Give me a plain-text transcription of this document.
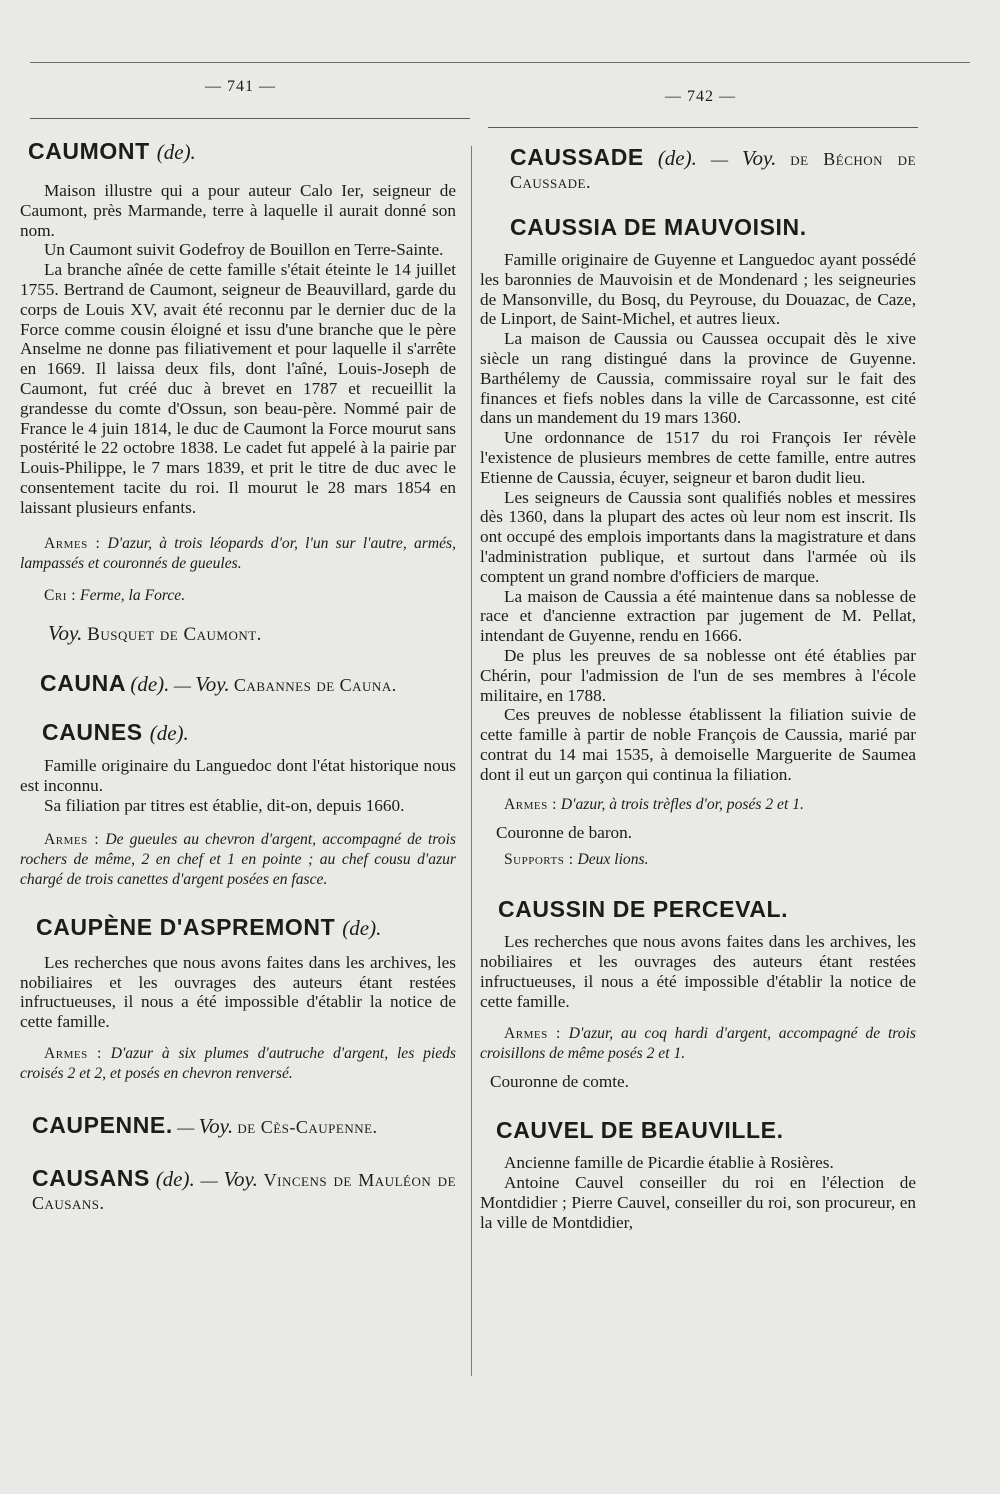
— 741 —
— 742 —
CAUMONT (de).

Maison illustre qui a pour auteur Calo Ier, seigneur de Caumont, près Marmande, terre à laquelle il aurait donné son nom.

Un Caumont suivit Godefroy de Bouillon en Terre-Sainte.

La branche aînée de cette famille s'était éteinte le 14 juillet 1755. Bertrand de Caumont, seigneur de Beauvillard, garde du corps de Louis XV, avait été reconnu par le dernier duc de la Force comme cousin éloigné et issu d'une branche que le père Anselme ne donne pas filiativement et pour laquelle il s'arrête en 1669. Il laissa deux fils, dont l'aîné, Louis-Joseph de Caumont, fut créé duc à brevet en 1787 et recueillit la grandesse du comte d'Ossun, son beau-père. Nommé pair de France le 4 juin 1814, le duc de Caumont la Force mourut sans postérité le 22 octobre 1838. Le cadet fut appelé à la pairie par Louis-Philippe, le 7 mars 1839, et prit le titre de duc avec le consentement tacite du roi. Il mourut le 28 mars 1854 en laissant plusieurs enfants.

Armes : D'azur, à trois léopards d'or, l'un sur l'autre, armés, lampassés et couronnés de gueules.

Cri : Ferme, la Force.

Voy. Busquet de Caumont.

CAUNA (de). — Voy. Cabannes de Cauna.

CAUNES (de).

Famille originaire du Languedoc dont l'état historique nous est inconnu.

Sa filiation par titres est établie, dit-on, depuis 1660.

Armes : De gueules au chevron d'argent, accompagné de trois rochers de même, 2 en chef et 1 en pointe ; au chef cousu d'azur chargé de trois canettes d'argent posées en fasce.

CAUPÈNE D'ASPREMONT (de).

Les recherches que nous avons faites dans les archives, les nobiliaires et les ouvrages des auteurs étant restées infructueuses, il nous a été impossible d'établir la notice de cette famille.

Armes : D'azur à six plumes d'autruche d'argent, les pieds croisés 2 et 2, et posés en chevron renversé.

CAUPENNE. — Voy. de Cès-Caupenne.

CAUSANS (de). — Voy. Vincens de Mauléon de Causans.

CAUSSADE (de). — Voy. de Béchon de Caussade.

CAUSSIA DE MAUVOISIN.

Famille originaire de Guyenne et Languedoc ayant possédé les baronnies de Mauvoisin et de Mondenard ; les seigneuries de Mansonville, du Bosq, du Peyrouse, du Douazac, de Caze, de Linport, de Saint-Michel, et autres lieux.

La maison de Caussia ou Caussea occupait dès le xive siècle un rang distingué dans la province de Guyenne. Barthélemy de Caussia, commissaire royal sur le fait des finances et fiefs nobles dans la ville de Carcassonne, est cité dans un mandement du 19 mars 1360.

Une ordonnance de 1517 du roi François Ier révèle l'existence de plusieurs membres de cette famille, entre autres Etienne de Caussia, écuyer, seigneur et baron dudit lieu.

Les seigneurs de Caussia sont qualifiés nobles et messires dès 1360, dans la plupart des actes où leur nom est inscrit. Ils ont occupé des emplois importants dans la magistrature et dans l'administration publique, et surtout dans l'armée où ils comptent un grand nombre d'officiers de marque.

La maison de Caussia a été maintenue dans sa noblesse de race et d'ancienne extraction par jugement de M. Pellat, intendant de Guyenne, rendu en 1666.

De plus les preuves de sa noblesse ont été établies par Chérin, pour l'admission de l'un de ses membres à l'école militaire, en 1788.

Ces preuves de noblesse établissent la filiation suivie de cette famille à partir de noble François de Caussia, marié par contrat du 14 mai 1535, à demoiselle Marguerite de Saumea dont il eut un garçon qui continua la filiation.

Armes : D'azur, à trois trèfles d'or, posés 2 et 1.

Couronne de baron.

Supports : Deux lions.

CAUSSIN DE PERCEVAL.

Les recherches que nous avons faites dans les archives, les nobiliaires et les ouvrages des auteurs étant restées infructueuses, il nous a été impossible d'établir la notice de cette famille.

Armes : D'azur, au coq hardi d'argent, accompagné de trois croisillons de même posés 2 et 1.

Couronne de comte.

CAUVEL DE BEAUVILLE.

Ancienne famille de Picardie établie à Rosières.

Antoine Cauvel conseiller du roi en l'élection de Montdidier ; Pierre Cauvel, conseiller du roi, son procureur, en la ville de Montdidier,
